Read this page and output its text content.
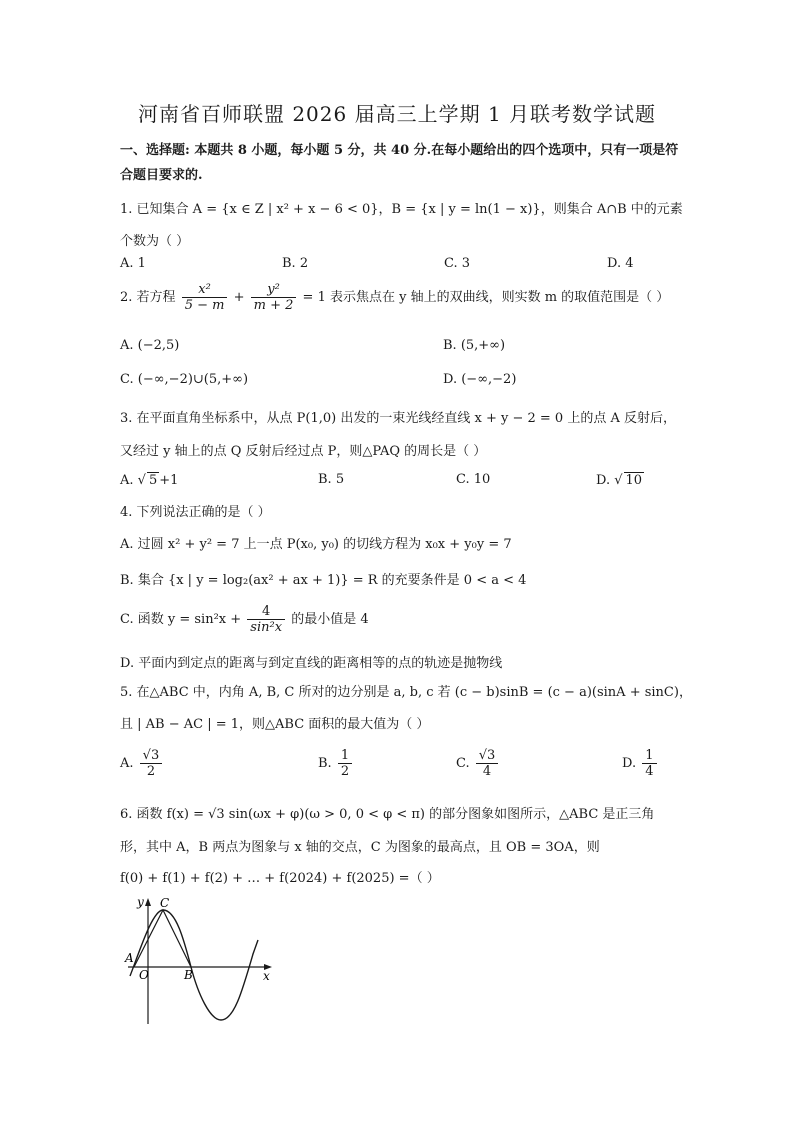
河南省百师联盟 2026 届高三上学期 1 月联考数学试题
一、选择题: 本题共 8 小题，每小题 5 分，共 40 分.在每小题给出的四个选项中，只有一项是符合题目要求的.
1. 已知集合 A = {x ∈ Z | x² + x − 6 < 0}，B = {x | y = ln(1 − x)}，则集合 A∩B 中的元素
个数为（ ）
A. 1	B. 2	C. 3	D. 4
2. 若方程 $\frac{\text{x²}}{5 - m} + \frac{\text{y²}}{m + 2} = 1$ 表示焦点在 y 轴上的双曲线，则实数 m 的取值范围是（ ）
A. (−2,5)	B. (5,+∞)
C. (−∞,−2)∪(5,+∞)	D. (−∞,−2)
3. 在平面直角坐标系中，从点 P(1,0) 出发的一束光线经直线 x + y − 2 = 0 上的点 A 反射后，
又经过 y 轴上的点 Q 反射后经过点 P，则△PAQ 的周长是（ ）
A. √ 5 +1	B. 5	C. 10	D. √ 10
4. 下列说法正确的是（ ）
A. 过圆 x² + y² = 7 上一点 P(x₀, y₀) 的切线方程为 x₀x + y₀y = 7
B. 集合 {x | y = log₂(ax² + ax + 1)} = R 的充要条件是 0 < a < 4
C. 函数 $y = \sin^2x + \frac{4}{\text{sin²x}}$ 的最小值是 4
D. 平面内到定点的距离与到定直线的距离相等的点的轨迹是抛物线
5. 在△ABC 中，内角 A, B, C 所对的边分别是 a, b, c 若 (c − b)sinB = (c − a)(sinA + sinC)，
且 | AB − AC | = 1，则△ABC 面积的最大值为（ ）
A. $\frac{√3}{2}$	B. $\frac{1}{2}$	C. $\frac{√3}{4}$	D. $\frac{1}{4}$
6. 函数 f(x) = √3 sin(ωx + φ)(ω > 0, 0 < φ < π) 的部分图象如图所示，△ABC 是正三角
形，其中 A，B 两点为图象与 x 轴的交点，C 为图象的最高点，且 OB = 3OA，则
f(0) + f(1) + f(2) + … + f(2024) + f(2025) =（ ）
y
x
C
A
O	B
